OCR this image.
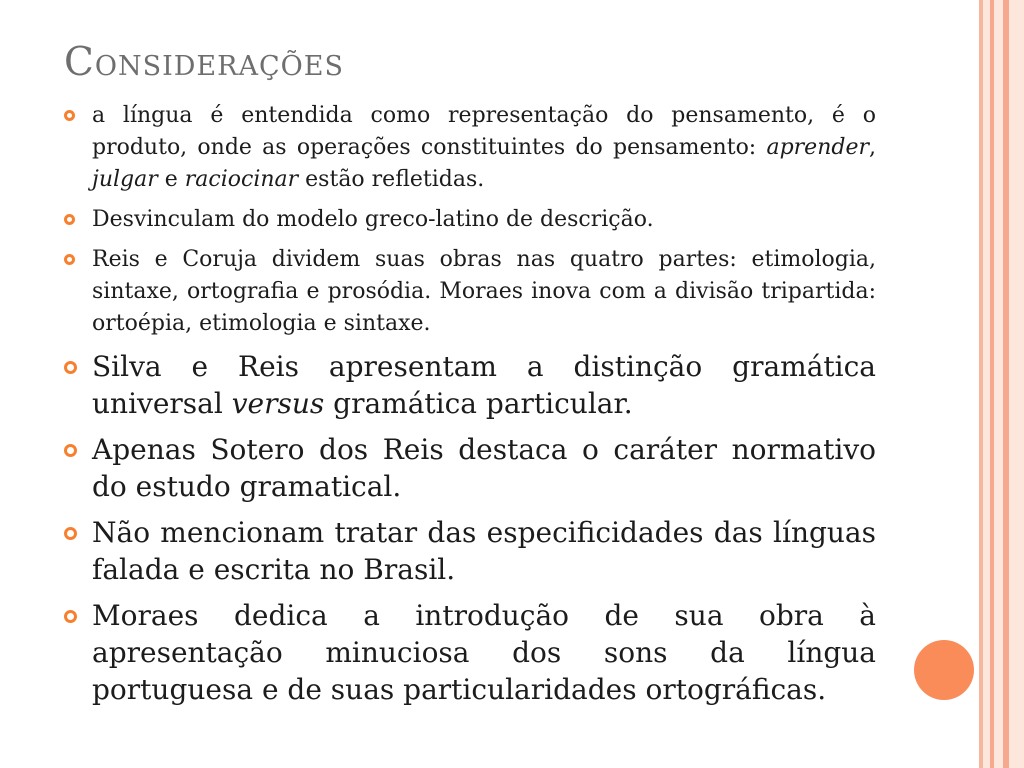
Considerações
a língua é entendida como representação do pensamento, é o produto, onde as operações constituintes do pensamento: aprender, julgar e raciocinar estão refletidas.
Desvinculam do modelo greco-latino de descrição.
Reis e Coruja dividem suas obras nas quatro partes: etimologia, sintaxe, ortografia e prosódia. Moraes inova com a divisão tripartida: ortoépia, etimologia e sintaxe.
Silva e Reis apresentam a distinção gramática universal versus gramática particular.
Apenas Sotero dos Reis destaca o caráter normativo do estudo gramatical.
Não mencionam tratar das especificidades das línguas falada e escrita no Brasil.
Moraes dedica a introdução de sua obra à apresentação minuciosa dos sons da língua portuguesa e de suas particularidades ortográficas.
